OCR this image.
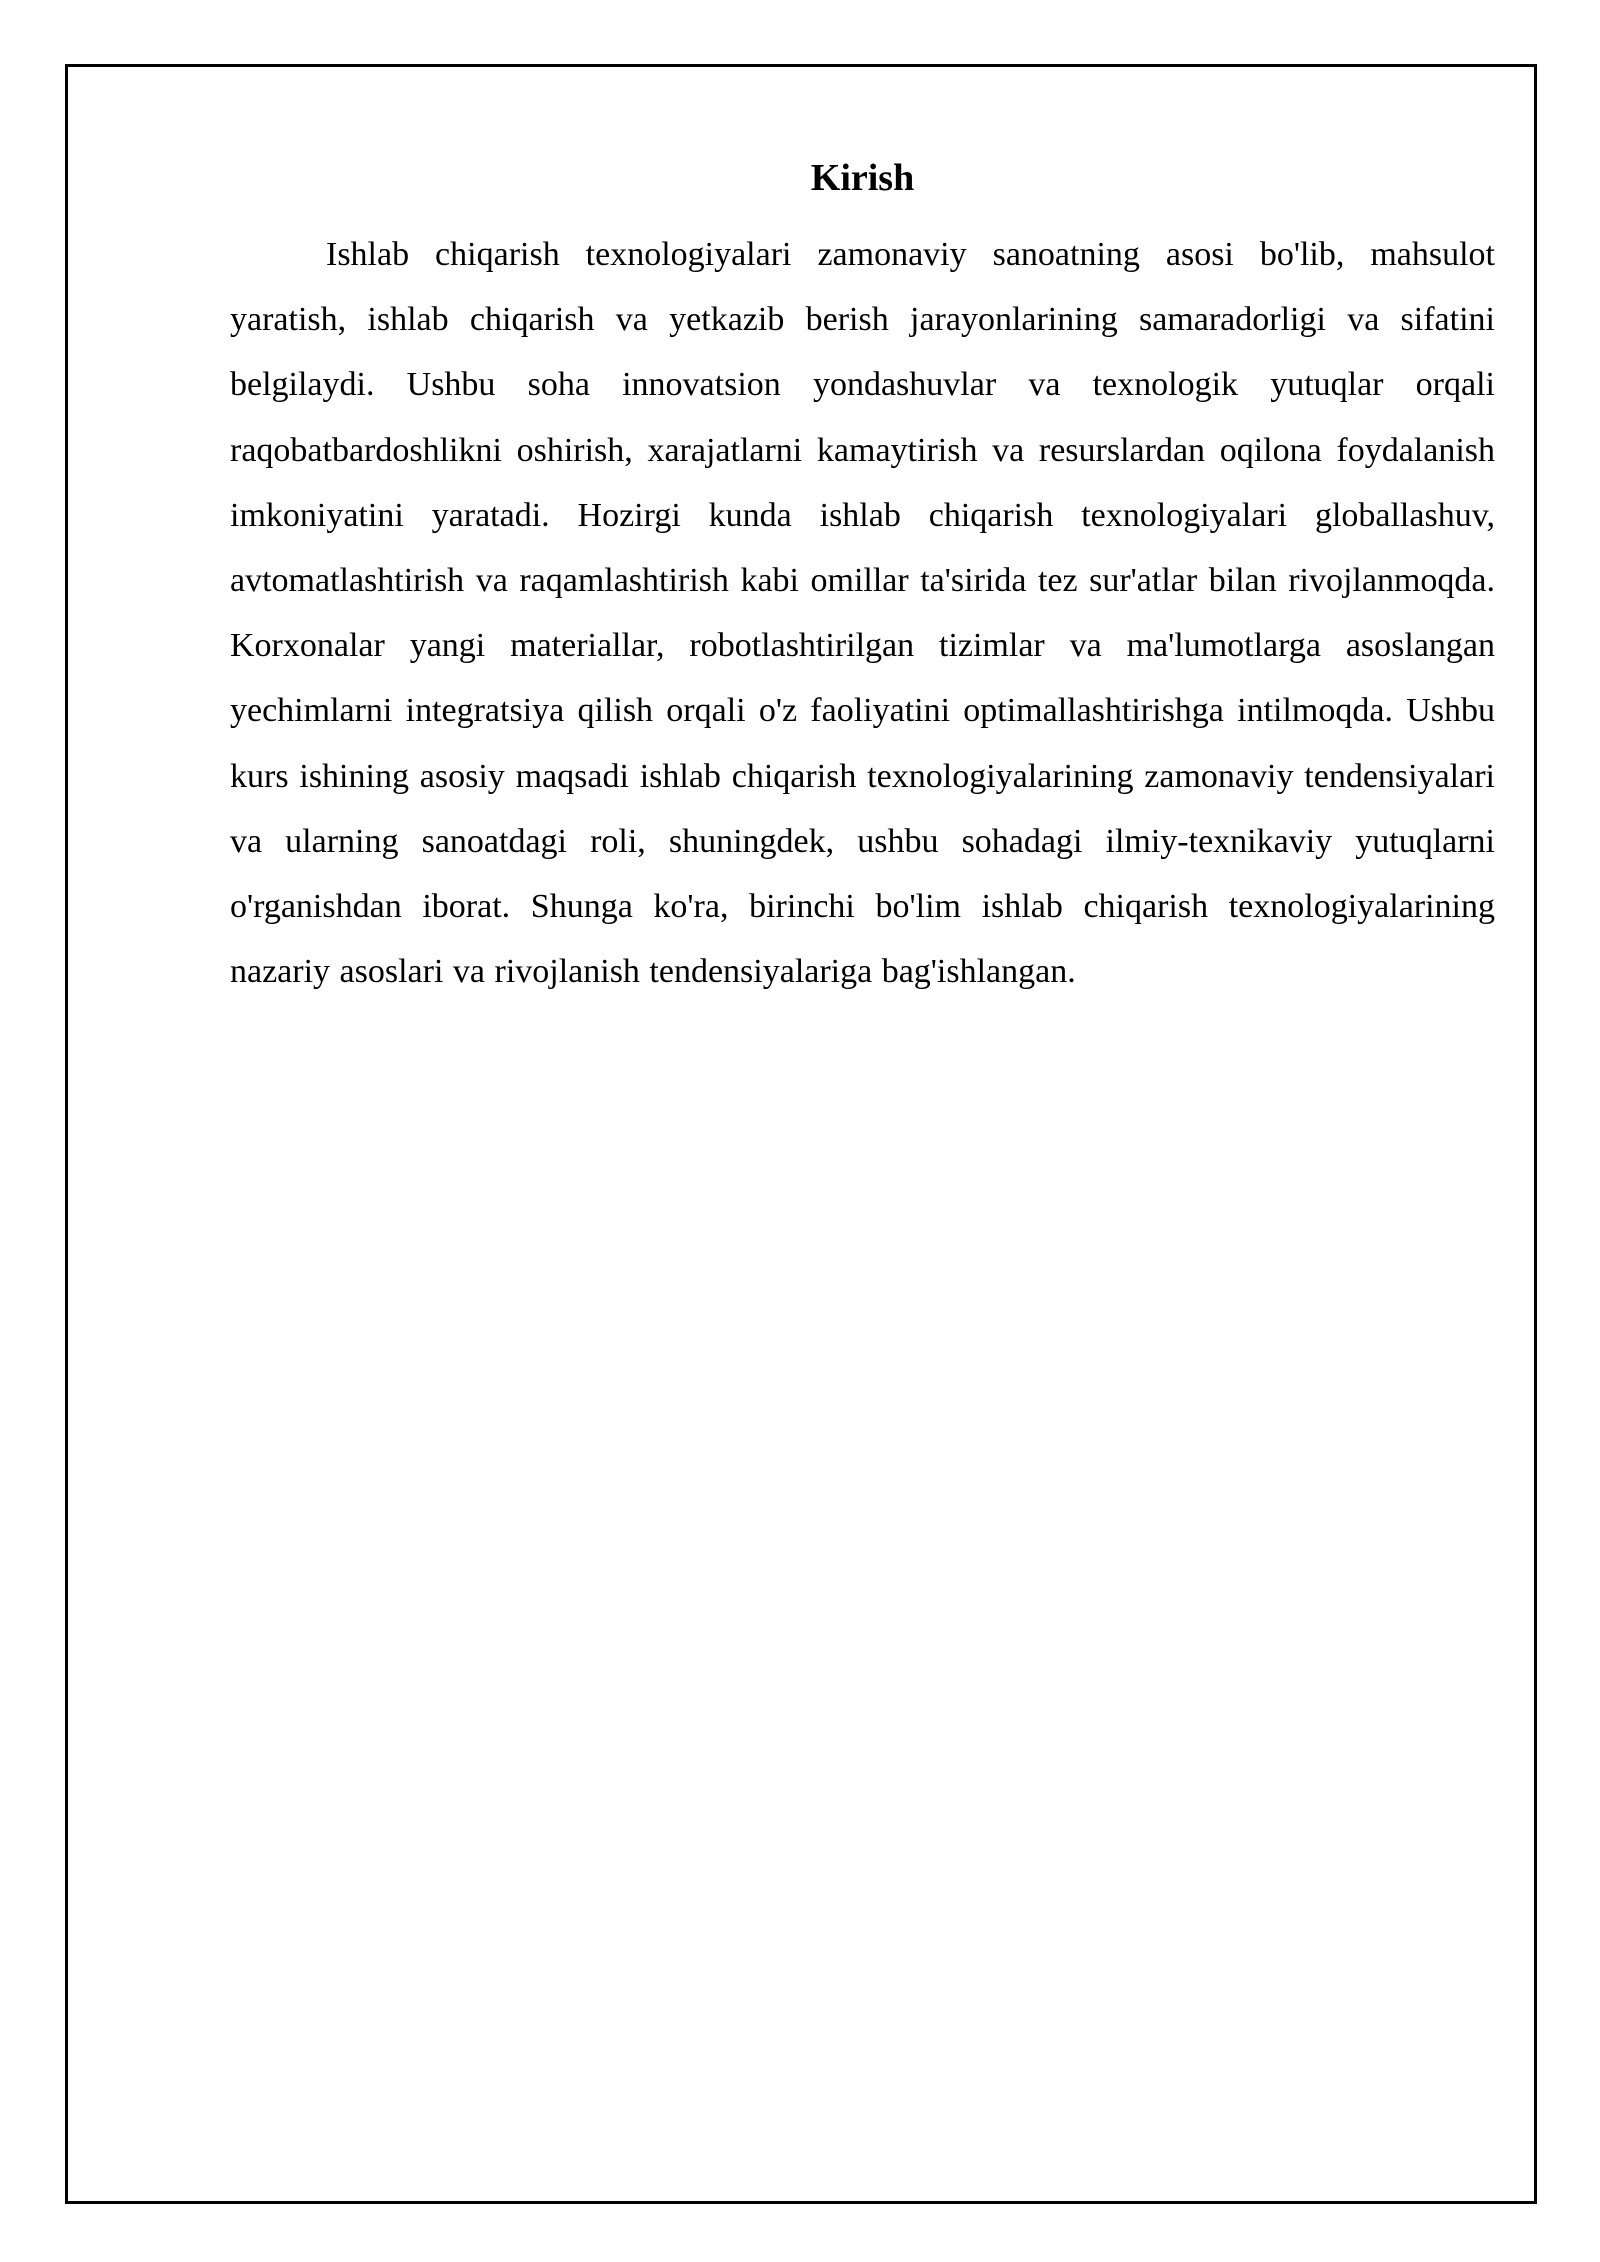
Kirish

Ishlab chiqarish texnologiyalari zamonaviy sanoatning asosi bo'lib, mahsulot yaratish, ishlab chiqarish va yetkazib berish jarayonlarining samaradorligi va sifatini belgilaydi. Ushbu soha innovatsion yondashuvlar va texnologik yutuqlar orqali raqobatbardoshlikni oshirish, xarajatlarni kamaytirish va resurslardan oqilona foydalanish imkoniyatini yaratadi. Hozirgi kunda ishlab chiqarish texnologiyalari globallashuv, avtomatlashtirish va raqamlashtirish kabi omillar ta'sirida tez sur'atlar bilan rivojlanmoqda. Korxonalar yangi materiallar, robotlashtirilgan tizimlar va ma'lumotlarga asoslangan yechimlarni integratsiya qilish orqali o'z faoliyatini optimallashtirishga intilmoqda. Ushbu kurs ishining asosiy maqsadi ishlab chiqarish texnologiyalarining zamonaviy tendensiyalari va ularning sanoatdagi roli, shuningdek, ushbu sohadagi ilmiy-texnikaviy yutuqlarni o'rganishdan iborat. Shunga ko'ra, birinchi bo'lim ishlab chiqarish texnologiyalarining nazariy asoslari va rivojlanish tendensiyalariga bag'ishlangan.
